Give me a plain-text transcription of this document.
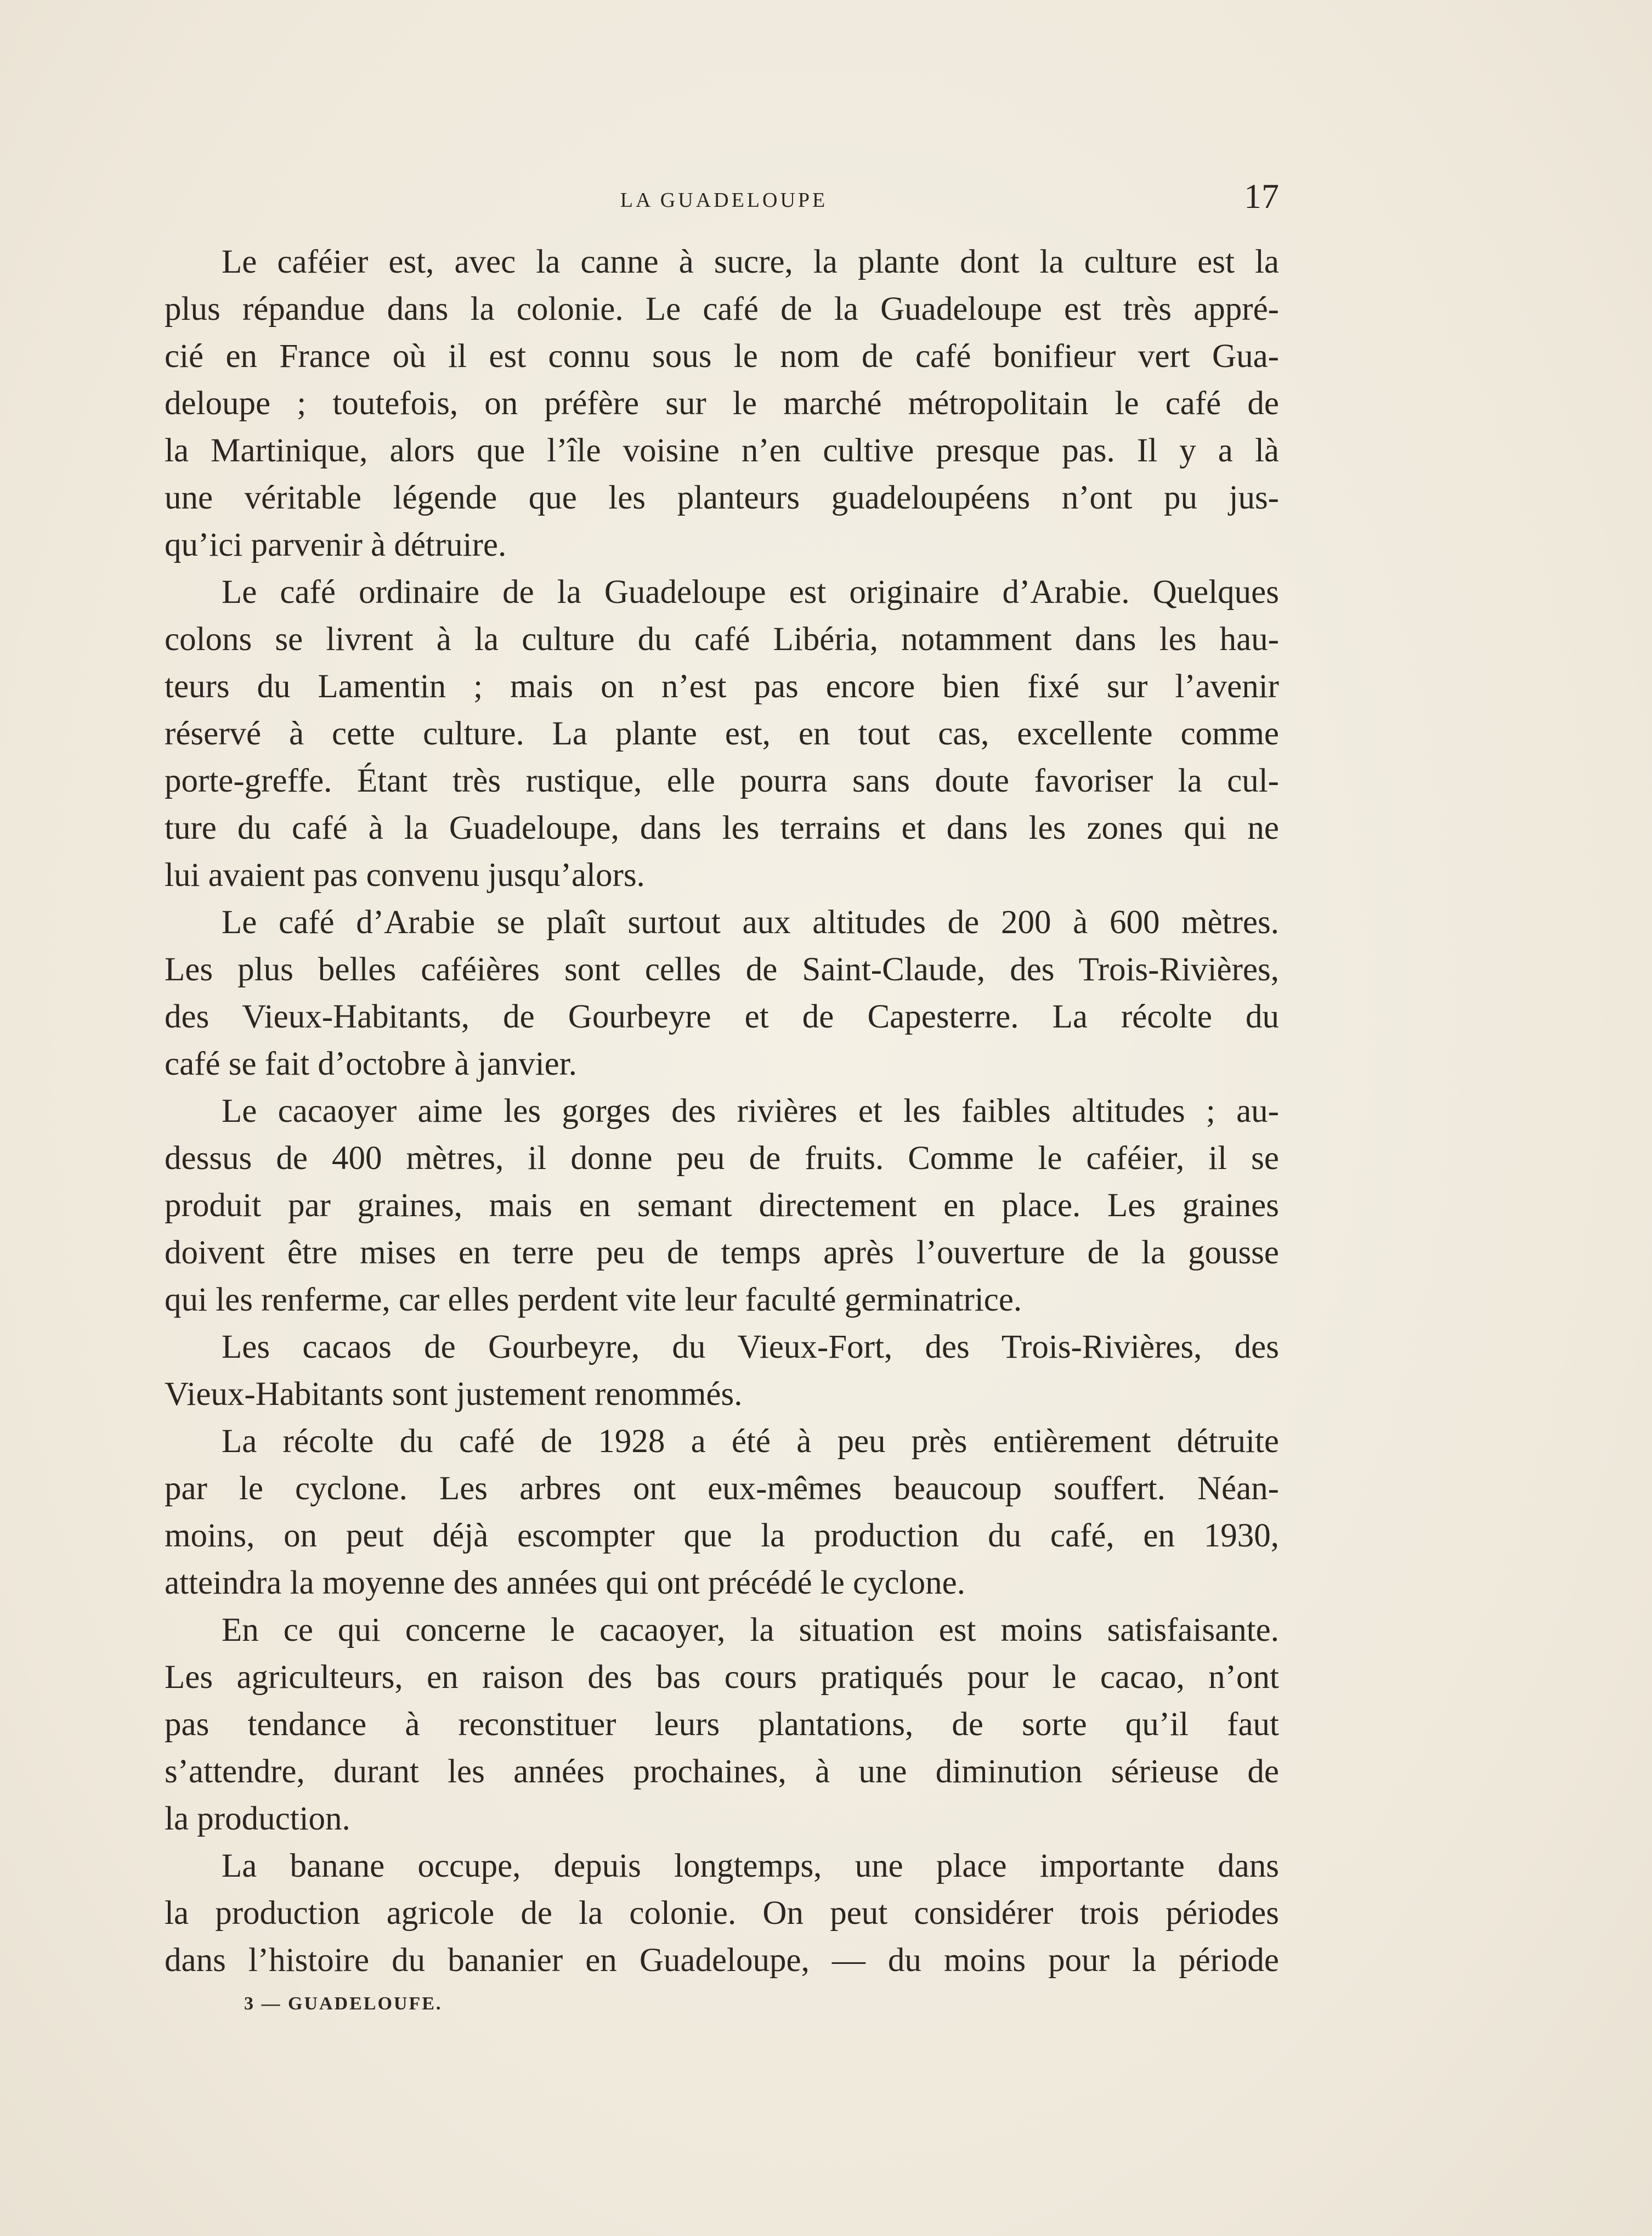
LA GUADELOUPE	17
Le caféier est, avec la canne à sucre, la plante dont la culture est la
plus répandue dans la colonie. Le café de la Guadeloupe est très appré-
cié en France où il est connu sous le nom de café bonifieur vert Gua-
deloupe ; toutefois, on préfère sur le marché métropolitain le café de
la Martinique, alors que l’île voisine n’en cultive presque pas. Il y a là
une véritable légende que les planteurs guadeloupéens n’ont pu jus-
qu’ici parvenir à détruire.
Le café ordinaire de la Guadeloupe est originaire d’Arabie. Quelques
colons se livrent à la culture du café Libéria, notamment dans les hau-
teurs du Lamentin ; mais on n’est pas encore bien fixé sur l’avenir
réservé à cette culture. La plante est, en tout cas, excellente comme
porte-greffe. Étant très rustique, elle pourra sans doute favoriser la cul-
ture du café à la Guadeloupe, dans les terrains et dans les zones qui ne
lui avaient pas convenu jusqu’alors.
Le café d’Arabie se plaît surtout aux altitudes de 200 à 600 mètres.
Les plus belles caféières sont celles de Saint-Claude, des Trois-Rivières,
des Vieux-Habitants, de Gourbeyre et de Capesterre. La récolte du
café se fait d’octobre à janvier.
Le cacaoyer aime les gorges des rivières et les faibles altitudes ; au-
dessus de 400 mètres, il donne peu de fruits. Comme le caféier, il se
produit par graines, mais en semant directement en place. Les graines
doivent être mises en terre peu de temps après l’ouverture de la gousse
qui les renferme, car elles perdent vite leur faculté germinatrice.
Les cacaos de Gourbeyre, du Vieux-Fort, des Trois-Rivières, des
Vieux-Habitants sont justement renommés.
La récolte du café de 1928 a été à peu près entièrement détruite
par le cyclone. Les arbres ont eux-mêmes beaucoup souffert. Néan-
moins, on peut déjà escompter que la production du café, en 1930,
atteindra la moyenne des années qui ont précédé le cyclone.
En ce qui concerne le cacaoyer, la situation est moins satisfaisante.
Les agriculteurs, en raison des bas cours pratiqués pour le cacao, n’ont
pas tendance à reconstituer leurs plantations, de sorte qu’il faut
s’attendre, durant les années prochaines, à une diminution sérieuse de
la production.
La banane occupe, depuis longtemps, une place importante dans
la production agricole de la colonie. On peut considérer trois périodes
dans l’histoire du bananier en Guadeloupe, — du moins pour la période
3 — GUADELOUFE.
